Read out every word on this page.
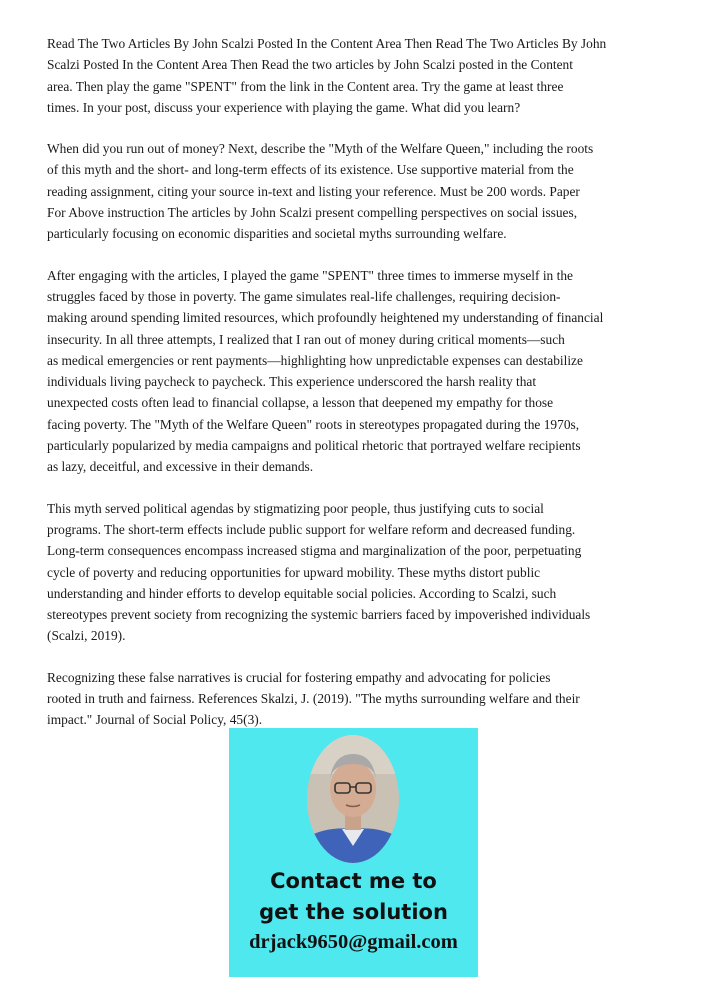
Read The Two Articles By John Scalzi Posted In the Content Area Then Read The Two Articles By John
Scalzi Posted In the Content Area Then Read the two articles by John Scalzi posted in the Content
area. Then play the game "SPENT" from the link in the Content area. Try the game at least three
times. In your post, discuss your experience with playing the game. What did you learn?

When did you run out of money? Next, describe the "Myth of the Welfare Queen," including the roots
of this myth and the short- and long-term effects of its existence. Use supportive material from the
reading assignment, citing your source in-text and listing your reference. Must be 200 words. Paper
For Above instruction The articles by John Scalzi present compelling perspectives on social issues,
particularly focusing on economic disparities and societal myths surrounding welfare.

After engaging with the articles, I played the game "SPENT" three times to immerse myself in the
struggles faced by those in poverty. The game simulates real-life challenges, requiring decision-
making around spending limited resources, which profoundly heightened my understanding of financial
insecurity. In all three attempts, I realized that I ran out of money during critical moments—such
as medical emergencies or rent payments—highlighting how unpredictable expenses can destabilize
individuals living paycheck to paycheck. This experience underscored the harsh reality that
unexpected costs often lead to financial collapse, a lesson that deepened my empathy for those
facing poverty. The "Myth of the Welfare Queen" roots in stereotypes propagated during the 1970s,
particularly popularized by media campaigns and political rhetoric that portrayed welfare recipients
as lazy, deceitful, and excessive in their demands.

This myth served political agendas by stigmatizing poor people, thus justifying cuts to social
programs. The short-term effects include public support for welfare reform and decreased funding.
Long-term consequences encompass increased stigma and marginalization of the poor, perpetuating
cycle of poverty and reducing opportunities for upward mobility. These myths distort public
understanding and hinder efforts to develop equitable social policies. According to Scalzi, such
stereotypes prevent society from recognizing the systemic barriers faced by impoverished individuals
(Scalzi, 2019).

Recognizing these false narratives is crucial for fostering empathy and advocating for policies
rooted in truth and fairness. References Skalzi, J. (2019). "The myths surrounding welfare and their
impact." Journal of Social Policy, 45(3).

Contact me to
get the solution
drjack9650@gmail.com
